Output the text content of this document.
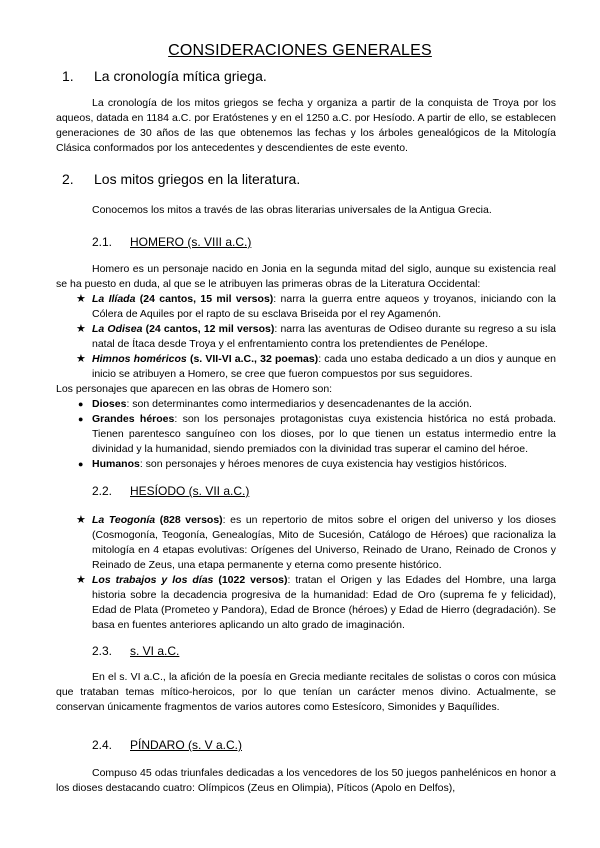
CONSIDERACIONES GENERALES
1. La cronología mítica griega.

La cronología de los mitos griegos se fecha y organiza a partir de la conquista de Troya por los aqueos, datada en 1184 a.C. por Eratóstenes y en el 1250 a.C. por Hesíodo. A partir de ello, se establecen generaciones de 30 años de las que obtenemos las fechas y los árboles genealógicos de la Mitología Clásica conformados por los antecedentes y descendientes de este evento.

2. Los mitos griegos en la literatura.

Conocemos los mitos a través de las obras literarias universales de la Antigua Grecia.

2.1. HOMERO (s. VIII a.C.)

Homero es un personaje nacido en Jonia en la segunda mitad del siglo, aunque su existencia real se ha puesto en duda, al que se le atribuyen las primeras obras de la Literatura Occidental:

★ La Ilíada (24 cantos, 15 mil versos): narra la guerra entre aqueos y troyanos, iniciando con la Cólera de Aquiles por el rapto de su esclava Briseida por el rey Agamenón.
★ La Odisea (24 cantos, 12 mil versos): narra las aventuras de Odiseo durante su regreso a su isla natal de Ítaca desde Troya y el enfrentamiento contra los pretendientes de Penélope.
★ Himnos homéricos (s. VII-VI a.C., 32 poemas): cada uno estaba dedicado a un dios y aunque en inicio se atribuyen a Homero, se cree que fueron compuestos por sus seguidores.

Los personajes que aparecen en las obras de Homero son:

● Dioses: son determinantes como intermediarios y desencadenantes de la acción.
● Grandes héroes: son los personajes protagonistas cuya existencia histórica no está probada. Tienen parentesco sanguíneo con los dioses, por lo que tienen un estatus intermedio entre la divinidad y la humanidad, siendo premiados con la divinidad tras superar el camino del héroe.
● Humanos: son personajes y héroes menores de cuya existencia hay vestigios históricos.
2.2. HESÍODO (s. VII a.C.)
★ La Teogonía (828 versos): es un repertorio de mitos sobre el origen del universo y los dioses (Cosmogonía, Teogonía, Genealogías, Mito de Sucesión, Catálogo de Héroes) que racionaliza la mitología en 4 etapas evolutivas: Orígenes del Universo, Reinado de Urano, Reinado de Cronos y Reinado de Zeus, una etapa permanente y eterna como presente histórico.
★ Los trabajos y los días (1022 versos): tratan el Origen y las Edades del Hombre, una larga historia sobre la decadencia progresiva de la humanidad: Edad de Oro (suprema fe y felicidad), Edad de Plata (Prometeo y Pandora), Edad de Bronce (héroes) y Edad de Hierro (degradación). Se basa en fuentes anteriores aplicando un alto grado de imaginación.
2.3. s. VI a.C.

En el s. VI a.C., la afición de la poesía en Grecia mediante recitales de solistas o coros con música que trataban temas mítico-heroicos, por lo que tenían un carácter menos divino. Actualmente, se conservan únicamente fragmentos de varios autores como Estesícoro, Simonides y Baquílides.

2.4. PÍNDARO (s. V a.C.)

Compuso 45 odas triunfales dedicadas a los vencedores de los 50 juegos panhelénicos en honor a los dioses destacando cuatro: Olímpicos (Zeus en Olimpia), Píticos (Apolo en Delfos),
